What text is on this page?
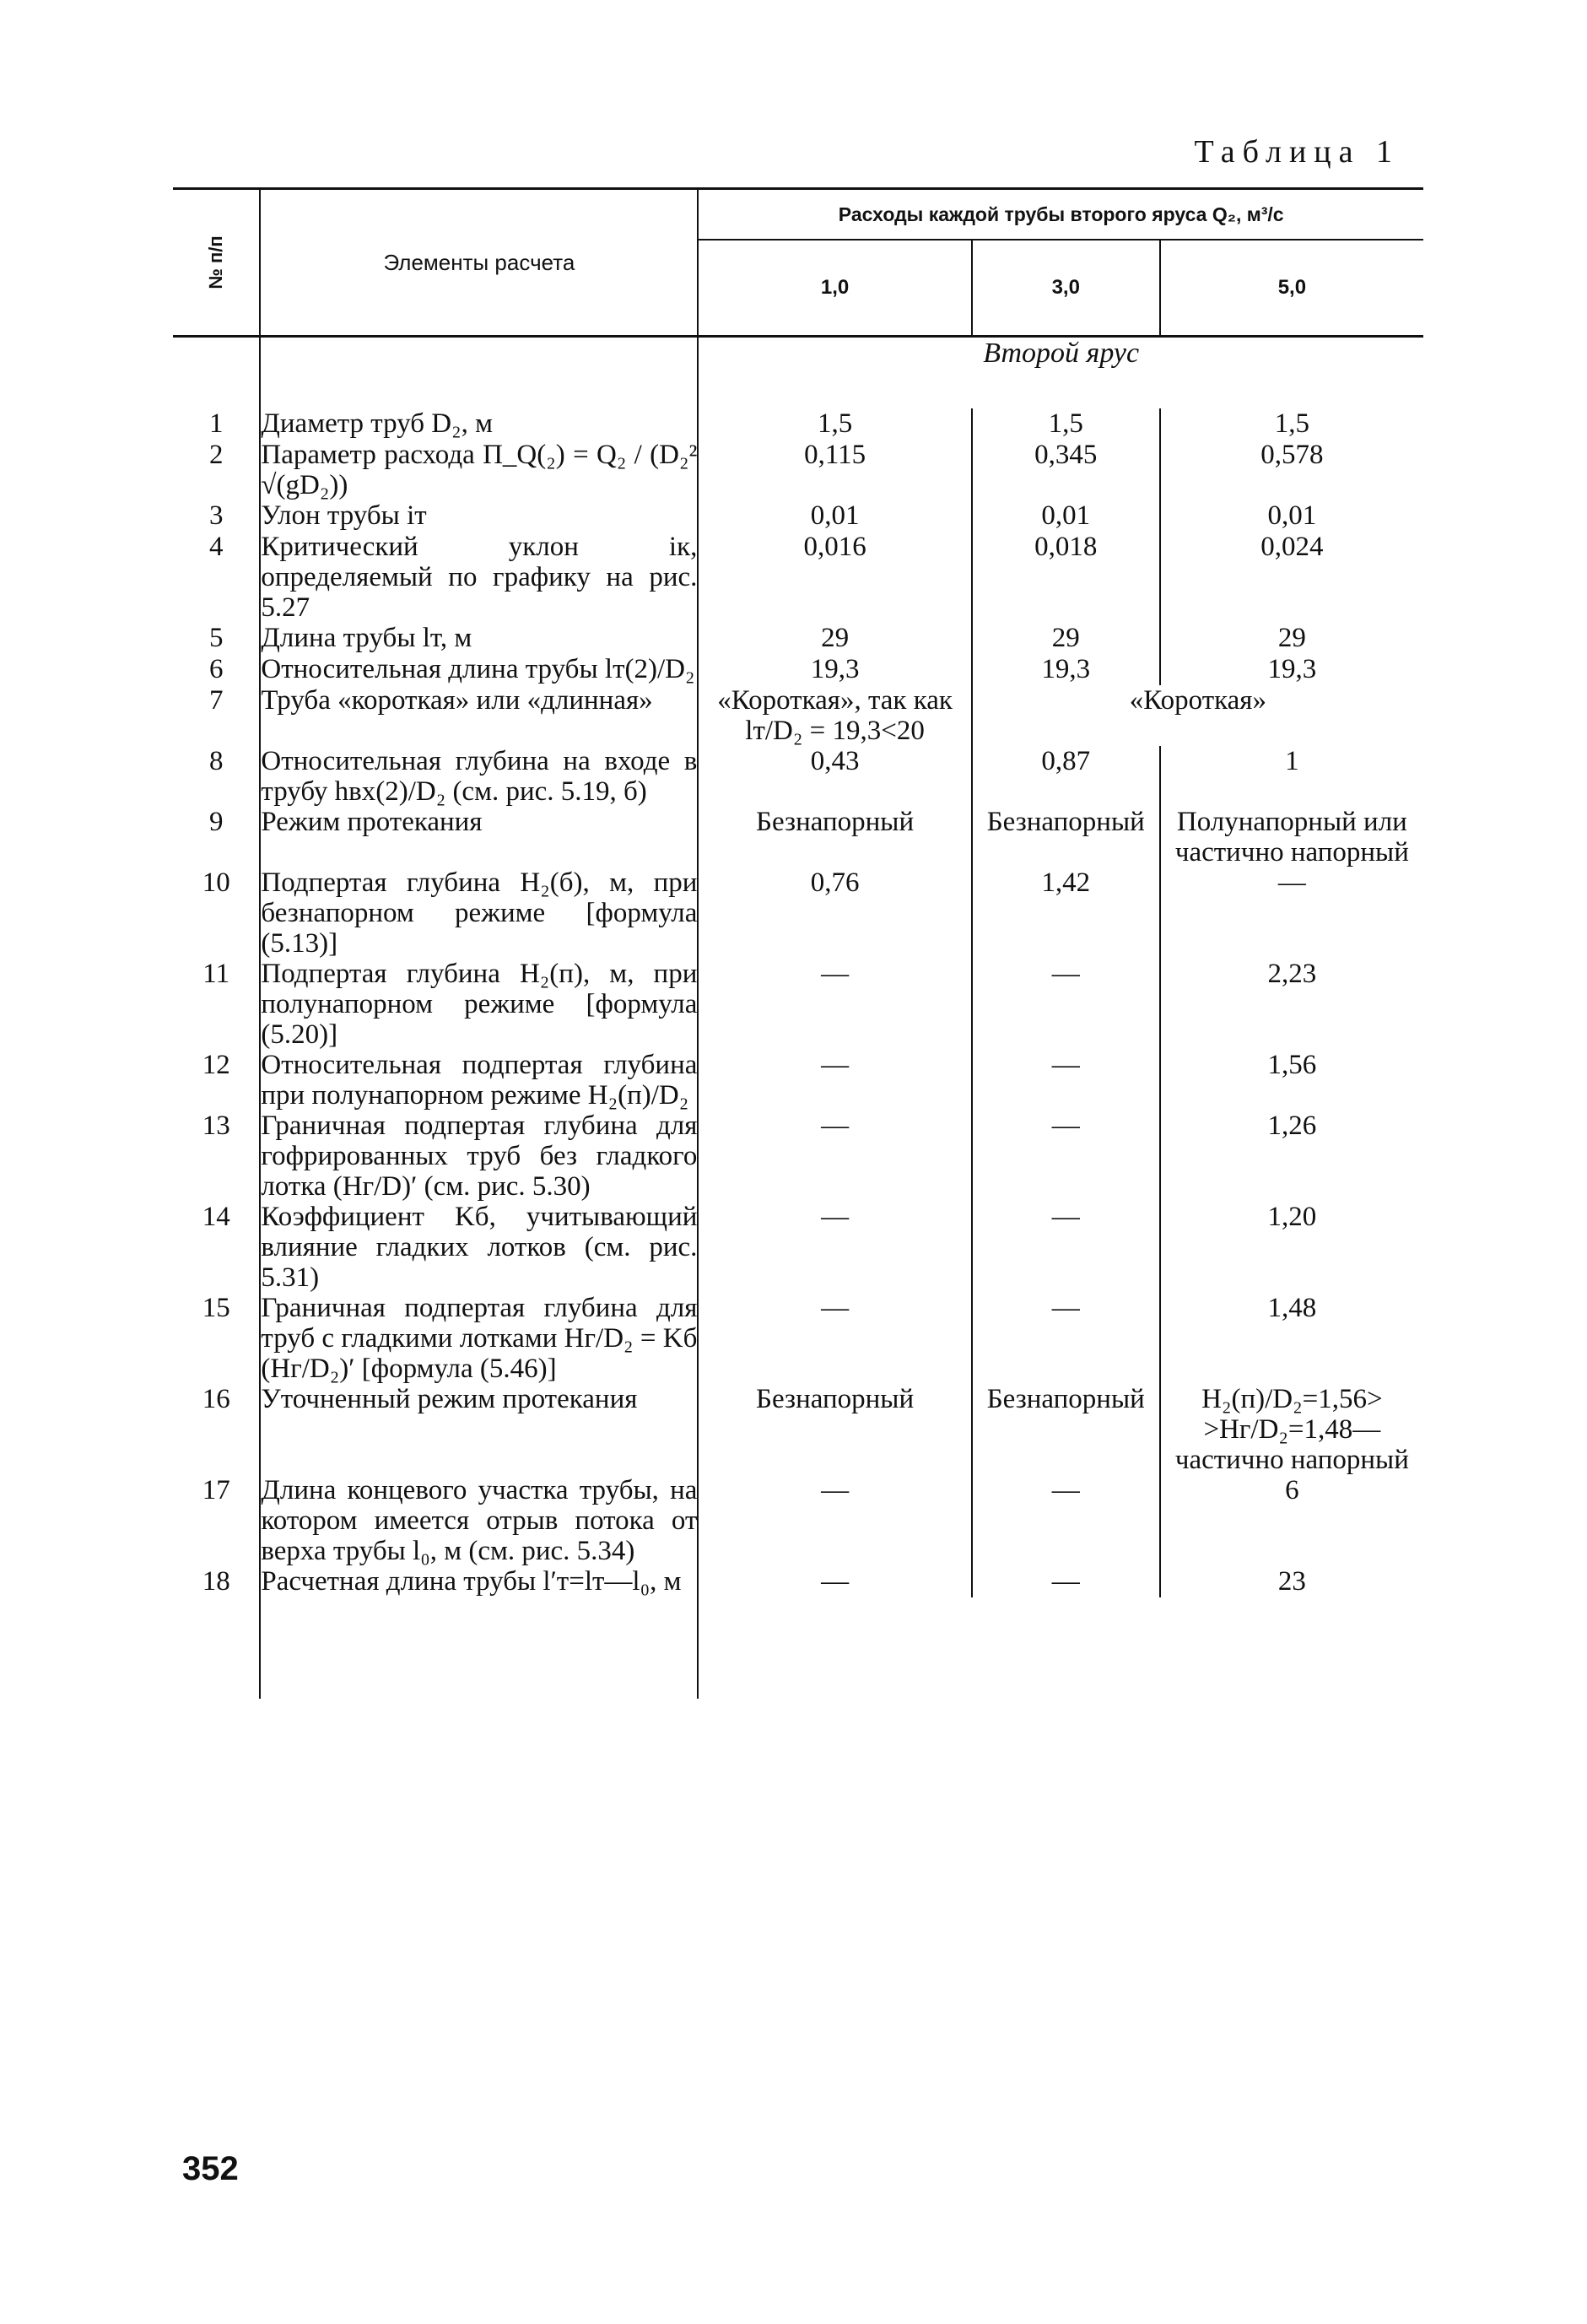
Таблица 1

№ п/п	Элементы расчета	Расходы каждой трубы второго яруса Q₂, м³/с		
		1,0	3,0	5,0
		Второй ярус		
1	Диаметр труб D₂, м	1,5	1,5	1,5
2	Параметр расхода П_Q(₂) = Q₂ / (D₂² √(gD₂))	0,115	0,345	0,578
3	Улон трубы iт	0,01	0,01	0,01
4	Критический уклон iк, определяемый по графику на рис. 5.27	0,016	0,018	0,024
5	Длина трубы lт, м	29	29	29
6	Относительная длина трубы lт(2)/D₂	19,3	19,3	19,3
7	Труба «короткая» или «длинная»	«Короткая», так как lт/D₂ = 19,3<20	«Короткая»	
8	Относительная глубина на входе в трубу hвх(2)/D₂ (см. рис. 5.19, б)	0,43	0,87	1
9	Режим протекания	Безнапорный	Безнапорный	Полунапорный или частично напорный
10	Подпертая глубина H₂(б), м, при безнапорном режиме [формула (5.13)]	0,76	1,42	—
11	Подпертая глубина H₂(п), м, при полунапорном режиме [формула (5.20)]	—	—	2,23
12	Относительная подпертая глубина при полунапорном режиме H₂(п)/D₂	—	—	1,56
13	Граничная подпертая глубина для гофрированных труб без гладкого лотка (Hг/D)′ (см. рис. 5.30)	—	—	1,26
14	Коэффициент Kб, учитывающий влияние гладких лотков (см. рис. 5.31)	—	—	1,20
15	Граничная подпертая глубина для труб с гладкими лотками Hг/D₂ = Kб (Hг/D₂)′ [формула (5.46)]	—	—	1,48
16	Уточненный режим протекания	Безнапорный	Безнапорный	H₂(п)/D₂=1,56> >Hг/D₂=1,48— частично напорный
17	Длина концевого участка трубы, на котором имеется отрыв потока от верха трубы l₀, м (см. рис. 5.34)	—	—	6
18	Расчетная длина трубы l′т=lт—l₀, м	—	—	23

352
